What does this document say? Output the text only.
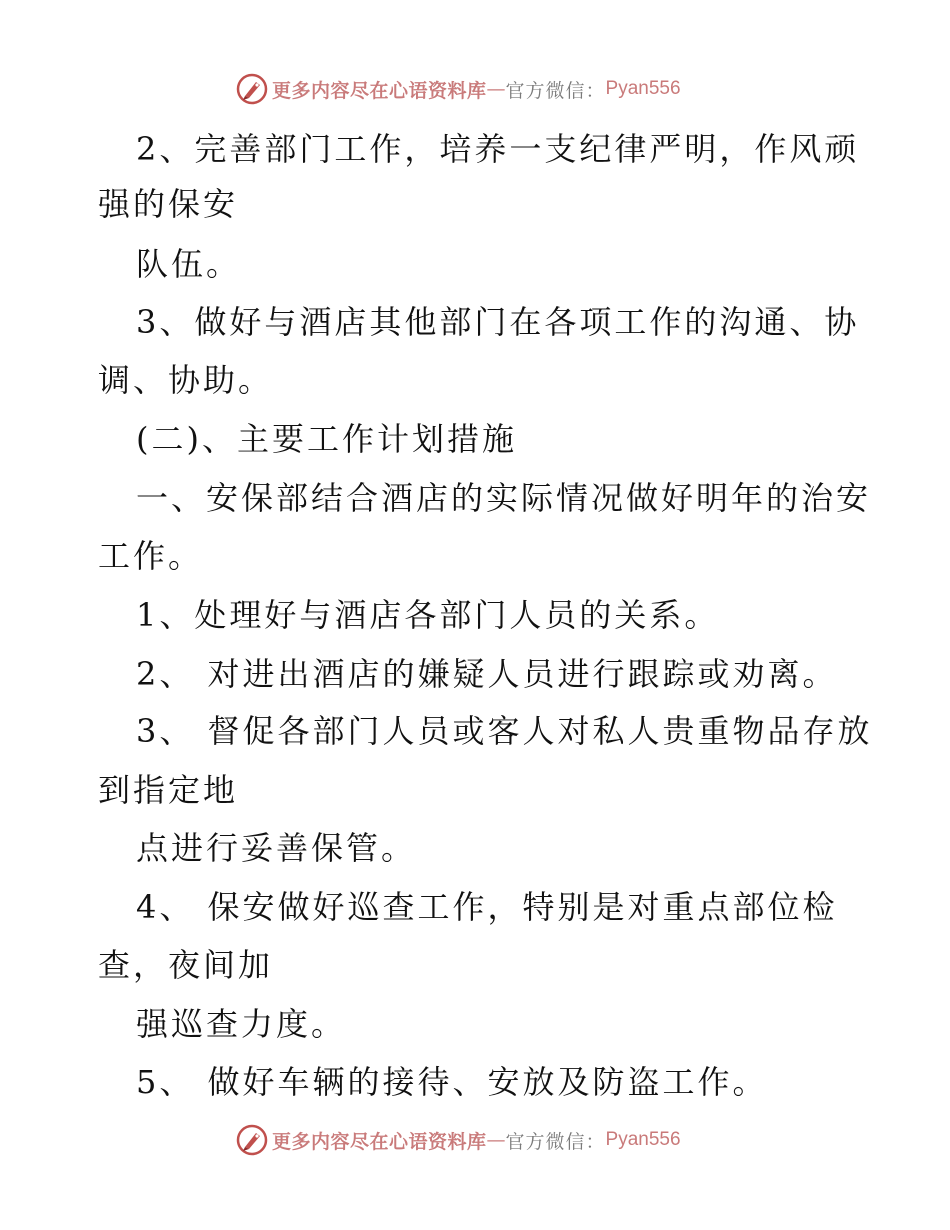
更多内容尽在心语资料库 — 官方微信： Pyan556
2、完善部门工作，培养一支纪律严明，作风顽
强的保安
队伍。
3、做好与酒店其他部门在各项工作的沟通、协
调、协助。
(二)、主要工作计划措施
一、安保部结合酒店的实际情况做好明年的治安
工作。
1、处理好与酒店各部门人员的关系。
2、 对进出酒店的嫌疑人员进行跟踪或劝离。
3、 督促各部门人员或客人对私人贵重物品存放
到指定地
点进行妥善保管。
4、 保安做好巡查工作，特别是对重点部位检
查，夜间加
强巡查力度。
5、 做好车辆的接待、安放及防盗工作。
更多内容尽在心语资料库 — 官方微信： Pyan556
